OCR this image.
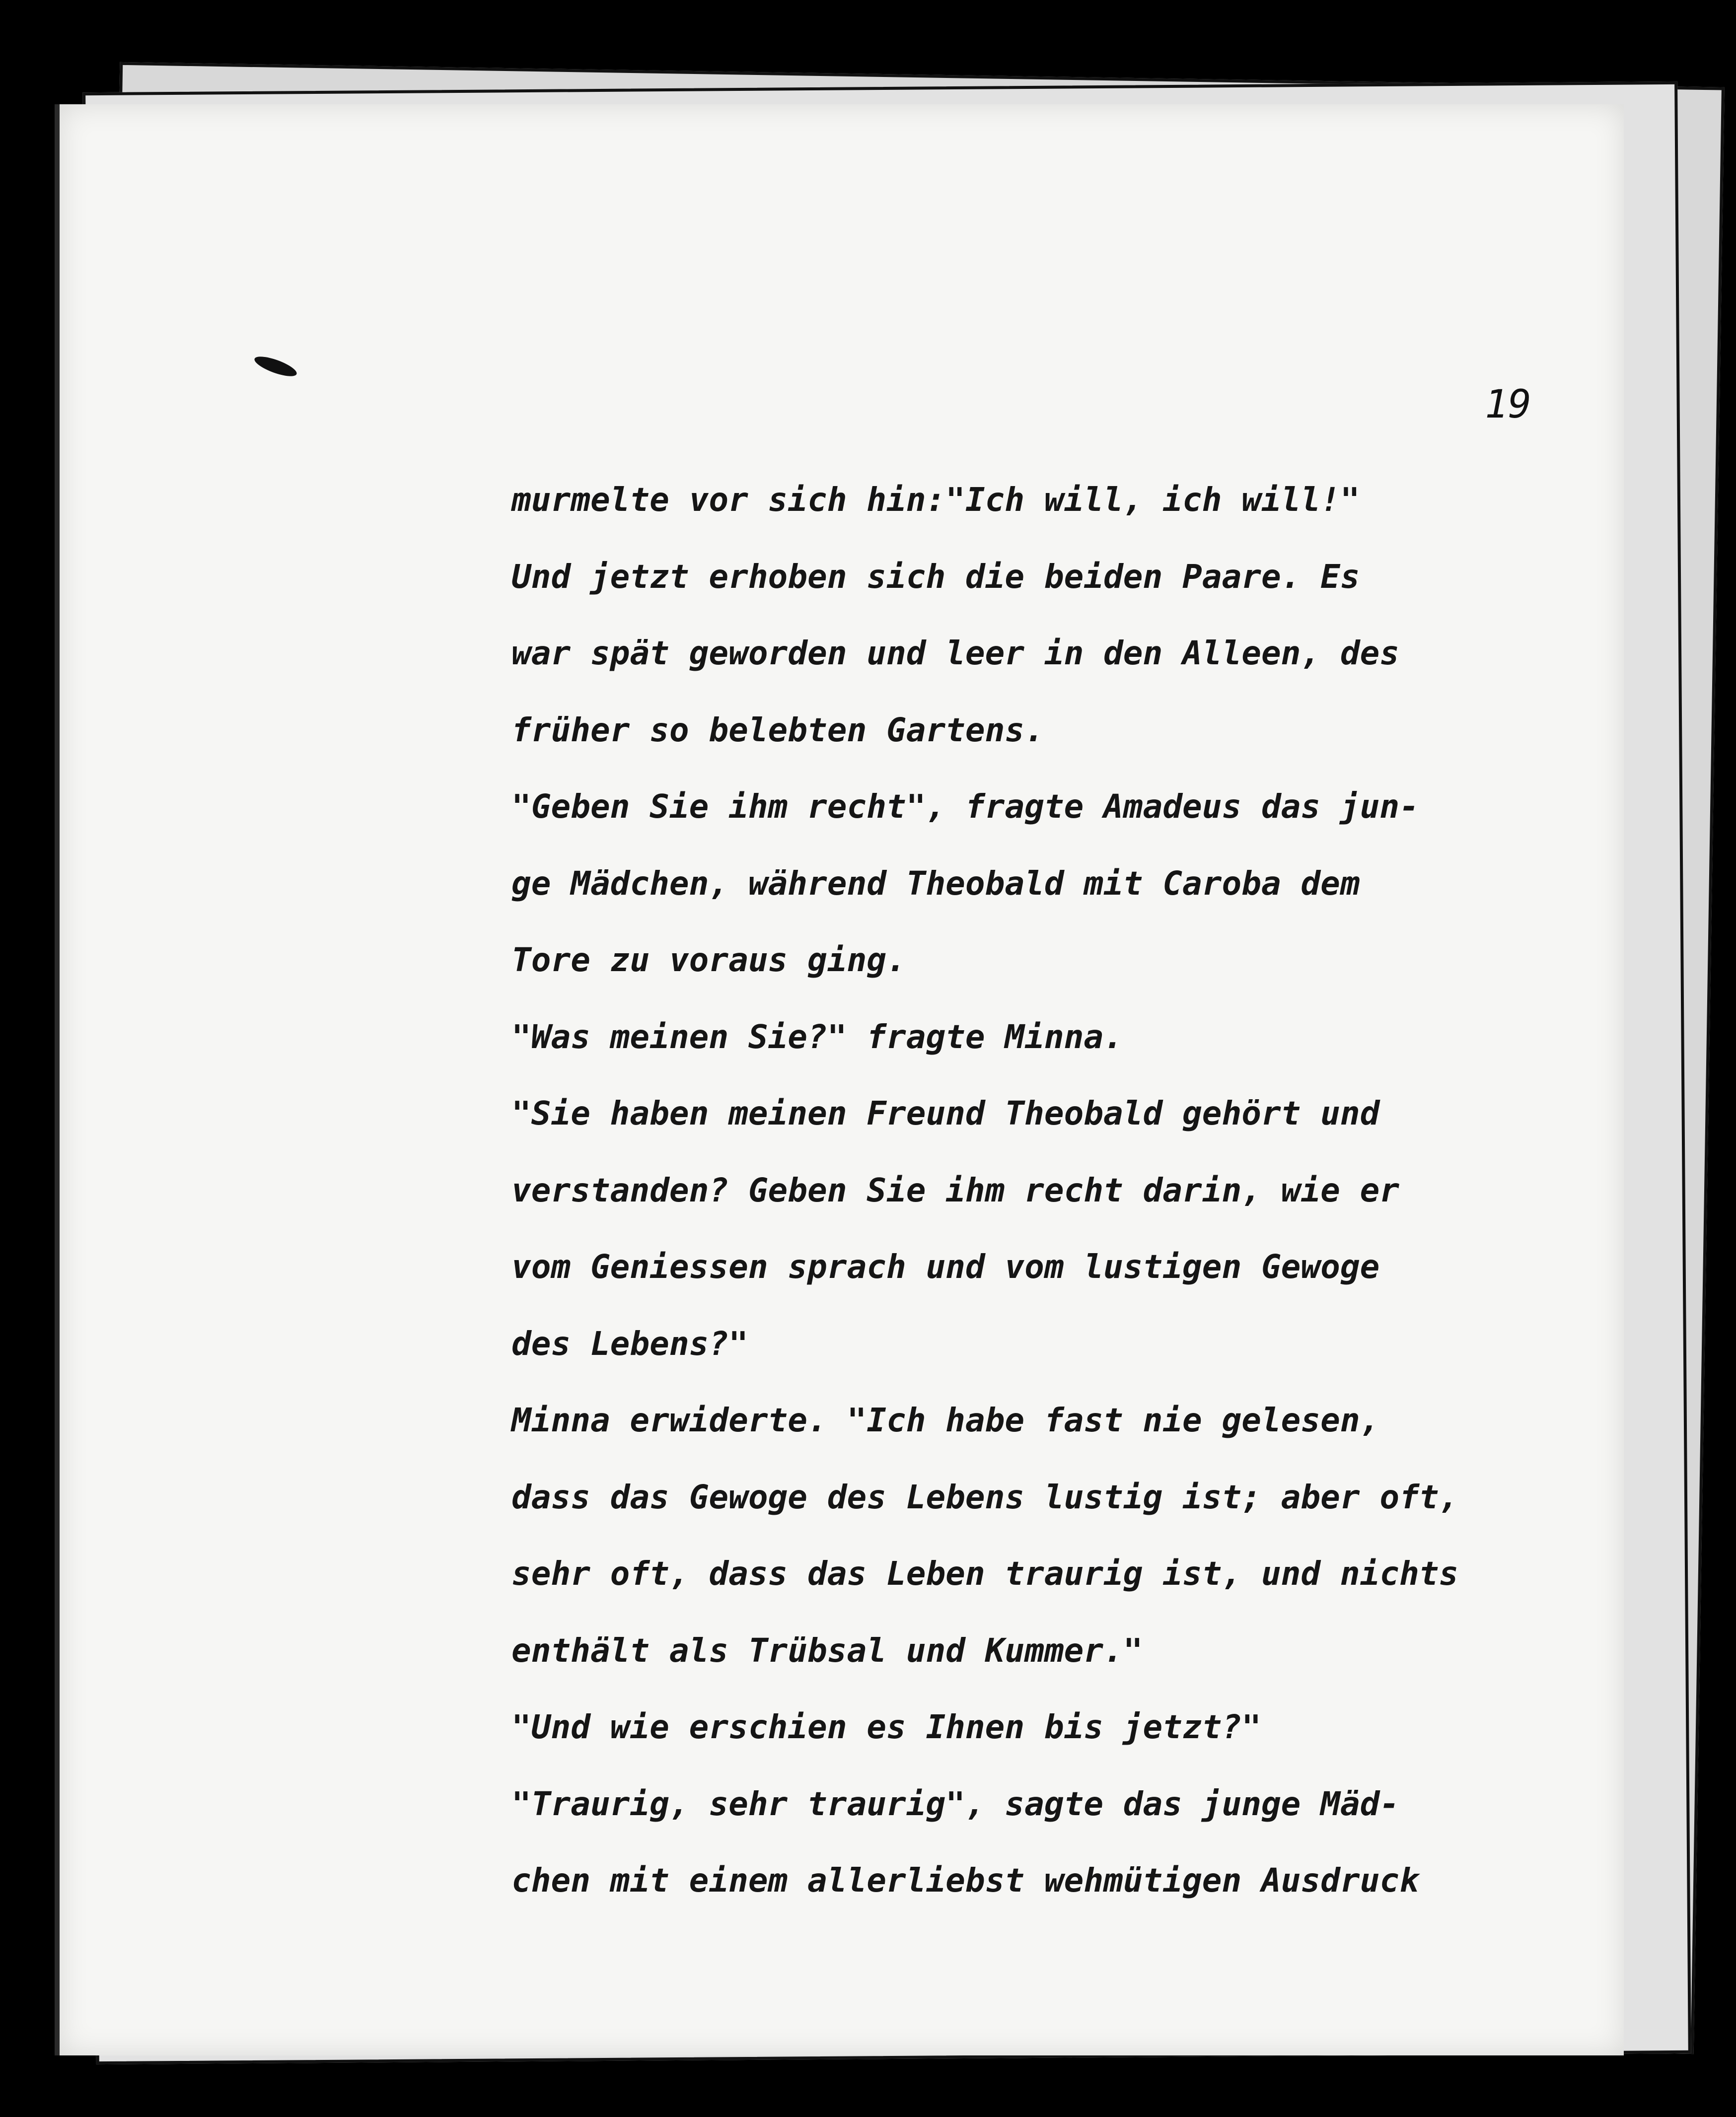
19
murmelte vor sich hin:"Ich will, ich will!"
Und jetzt erhoben sich die beiden Paare. Es
war spät geworden und leer in den Alleen, des
früher so belebten Gartens.
"Geben Sie ihm recht", fragte Amadeus das jun-
ge Mädchen, während Theobald mit Caroba dem
Tore zu voraus ging.
"Was meinen Sie?" fragte Minna.
"Sie haben meinen Freund Theobald gehört und
verstanden? Geben Sie ihm recht darin, wie er
vom Geniessen sprach und vom lustigen Gewoge
des Lebens?"
Minna erwiderte. "Ich habe fast nie gelesen,
dass das Gewoge des Lebens lustig ist; aber oft,
sehr oft, dass das Leben traurig ist, und nichts
enthält als Trübsal und Kummer."
"Und wie erschien es Ihnen bis jetzt?"
"Traurig, sehr traurig", sagte das junge Mäd-
chen mit einem allerliebst wehmütigen Ausdruck
